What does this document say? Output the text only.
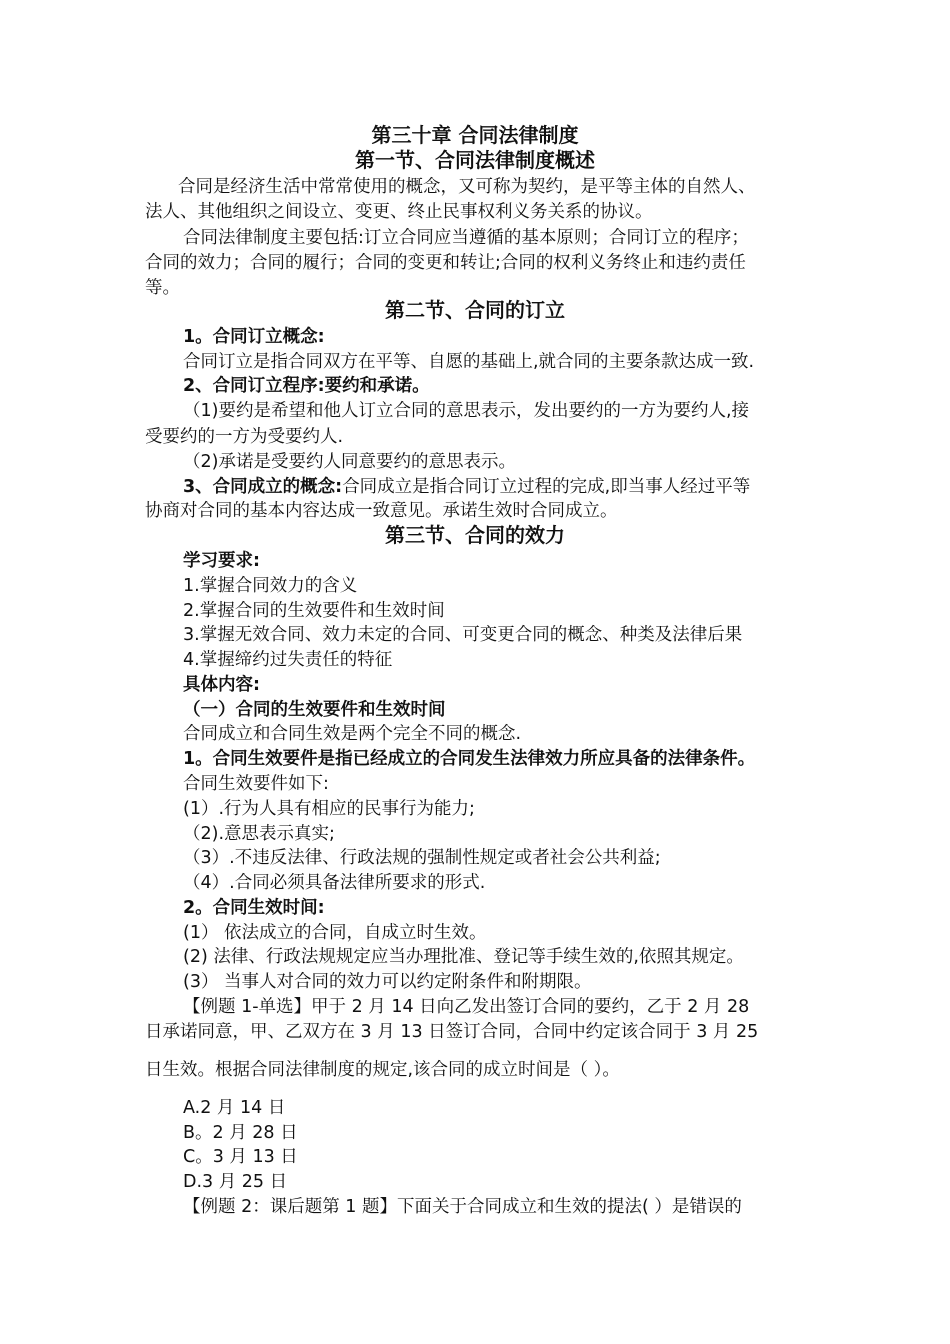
第三十章 合同法律制度
第一节、合同法律制度概述
合同是经济生活中常常使用的概念，又可称为契约，是平等主体的自然人、
法人、其他组织之间设立、变更、终止民事权利义务关系的协议。
合同法律制度主要包括:订立合同应当遵循的基本原则；合同订立的程序；
合同的效力；合同的履行；合同的变更和转让;合同的权利义务终止和违约责任
等。
第二节、合同的订立
1。合同订立概念:
合同订立是指合同双方在平等、自愿的基础上,就合同的主要条款达成一致.
2、合同订立程序:要约和承诺。
（1)要约是希望和他人订立合同的意思表示，发出要约的一方为要约人,接
受要约的一方为受要约人.
（2)承诺是受要约人同意要约的意思表示。
3、合同成立的概念:合同成立是指合同订立过程的完成,即当事人经过平等
协商对合同的基本内容达成一致意见。承诺生效时合同成立。
第三节、合同的效力
学习要求:
1.掌握合同效力的含义
2.掌握合同的生效要件和生效时间
3.掌握无效合同、效力未定的合同、可变更合同的概念、种类及法律后果
4.掌握缔约过失责任的特征
具体内容:
（一）合同的生效要件和生效时间
合同成立和合同生效是两个完全不同的概念.
1。合同生效要件是指已经成立的合同发生法律效力所应具备的法律条件。
合同生效要件如下:
(1）.行为人具有相应的民事行为能力;
（2).意思表示真实;
（3）.不违反法律、行政法规的强制性规定或者社会公共利益;
（4）.合同必须具备法律所要求的形式.
2。合同生效时间:
(1） 依法成立的合同，自成立时生效。
(2) 法律、行政法规规定应当办理批准、登记等手续生效的,依照其规定。
(3） 当事人对合同的效力可以约定附条件和附期限。
【例题 1-单选】甲于 2 月 14 日向乙发出签订合同的要约，乙于 2 月 28
日承诺同意，甲、乙双方在 3 月 13 日签订合同，合同中约定该合同于 3 月 25
日生效。根据合同法律制度的规定,该合同的成立时间是（ ）。
A.2 月 14 日
B。2 月 28 日
C。3 月 13 日
D.3 月 25 日
【例题 2：课后题第 1 题】下面关于合同成立和生效的提法( ）是错误的
